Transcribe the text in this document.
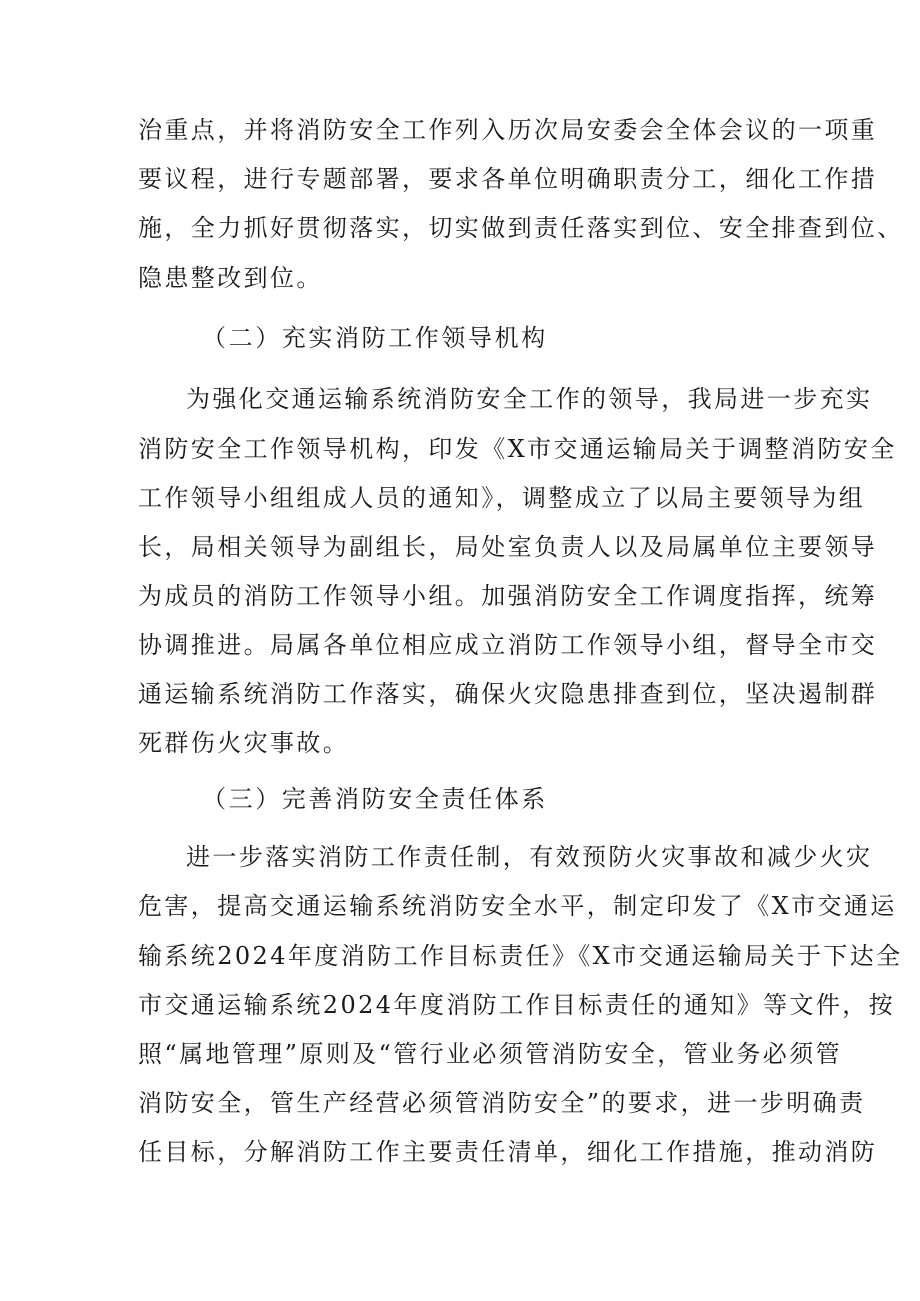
治重点，并将消防安全工作列入历次局安委会全体会议的一项重
要议程，进行专题部署，要求各单位明确职责分工，细化工作措
施，全力抓好贯彻落实，切实做到责任落实到位、安全排查到位、
隐患整改到位。
（二）充实消防工作领导机构
为强化交通运输系统消防安全工作的领导，我局进一步充实
消防安全工作领导机构，印发《X市交通运输局关于调整消防安全
工作领导小组组成人员的通知》，调整成立了以局主要领导为组
长，局相关领导为副组长，局处室负责人以及局属单位主要领导
为成员的消防工作领导小组。加强消防安全工作调度指挥，统筹
协调推进。局属各单位相应成立消防工作领导小组，督导全市交
通运输系统消防工作落实，确保火灾隐患排查到位，坚决遏制群
死群伤火灾事故。
（三）完善消防安全责任体系
进一步落实消防工作责任制，有效预防火灾事故和减少火灾
危害，提高交通运输系统消防安全水平，制定印发了《X市交通运
输系统2024年度消防工作目标责任》《X市交通运输局关于下达全
市交通运输系统2024年度消防工作目标责任的通知》等文件，按
照“属地管理”原则及“管行业必须管消防安全，管业务必须管
消防安全，管生产经营必须管消防安全”的要求，进一步明确责
任目标，分解消防工作主要责任清单，细化工作措施，推动消防
